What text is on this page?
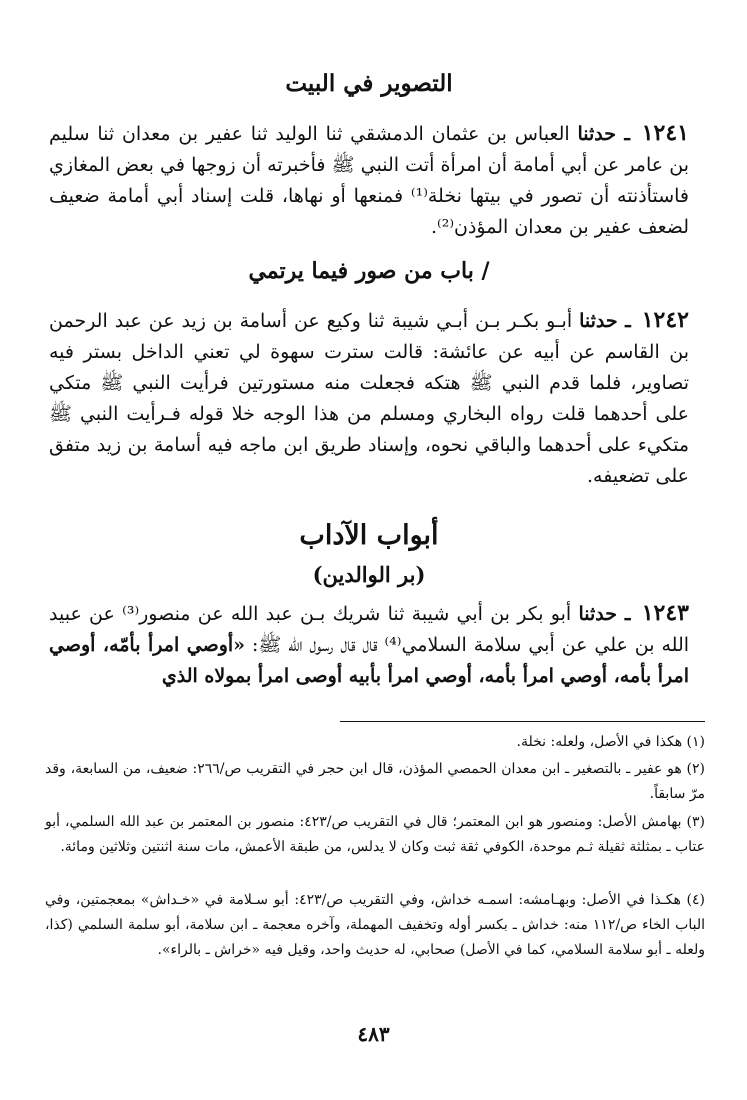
التصوير في البيت
١٢٤١ ـ حدثنا العباس بن عثمان الدمشقي ثنا الوليد ثنا عفير بن معدان ثنا سليم بن عامر عن أبي أمامة أن امرأة أتت النبي ﷺ فأخبرته أن زوجها في بعض المغازي فاستأذنته أن تصور في بيتها نخلة⁽¹⁾ فمنعها أو نهاها، قلت إسناد أبي أمامة ضعيف لضعف عفير بن معدان المؤذن⁽²⁾.
/ باب من صور فيما يرتمي
١٢٤٢ ـ حدثنا أبـو بكـر بـن أبـي شيبة ثنا وكيع عن أسامة بن زيد عن عبد الرحمن بن القاسم عن أبيه عن عائشة: قالت سترت سهوة لي تعني الداخل بستر فيه تصاوير، فلما قدم النبي ﷺ هتكه فجعلت منه مستورتين فرأيت النبي ﷺ متكي على أحدهما قلت رواه البخاري ومسلم من هذا الوجه خلا قوله فـرأيت النبي ﷺ متكيء على أحدهما والباقي نحوه، وإسناد طريق ابن ماجه فيه أسامة بن زيد متفق على تضعيفه.
أبواب الآداب
(بر الوالدين)
١٢٤٣ ـ حدثنا أبو بكر بن أبي شيبة ثنا شريك بـن عبد الله عن منصور⁽³⁾ عن عبيد الله بن علي عن أبي سلامة السلامي⁽⁴⁾ قال قال رسول الله ﷺ: «أوصي امرأ بأمّه، أوصي امرأ بأمه، أوصي امرأ بأمه، أوصي امرأ بأبيه أوصى امرأ بمولاه الذي
(١) هكذا في الأصل، ولعله: نخلة.
(٢) هو عفير ـ بالتصغير ـ ابن معدان الحمصي المؤذن، قال ابن حجر في التقريب ص/٢٦٦: ضعيف، من السابعة، وقد مرّ سابقاً.
(٣) بهامش الأصل: ومنصور هو ابن المعتمر؛ قال في التقريب ص/٤٢٣: منصور بن المعتمر بن عبد الله السلمي، أبو عتاب ـ بمثلثة ثقيلة ثـم موحدة، الكوفي ثقة ثبت وكان لا يدلس، من طبقة الأعمش، مات سنة اثنتين وثلاثين ومائة.
(٤) هكـذا في الأصل: وبهـامشه: اسمـه خداش، وفي التقريب ص/٤٢٣: أبو سـلامة في «خـداش» بمعجمتين، وفي الباب الخاء ص/١١٢ منه: خداش ـ بكسر أوله وتخفيف المهملة، وآخره معجمة ـ ابن سلامة، أبو سلمة السلمي (كذا، ولعله ـ أبو سلامة السلامي، كما في الأصل) صحابي، له حديث واحد، وقيل فيه «خراش ـ بالراء».
٤٨٣
